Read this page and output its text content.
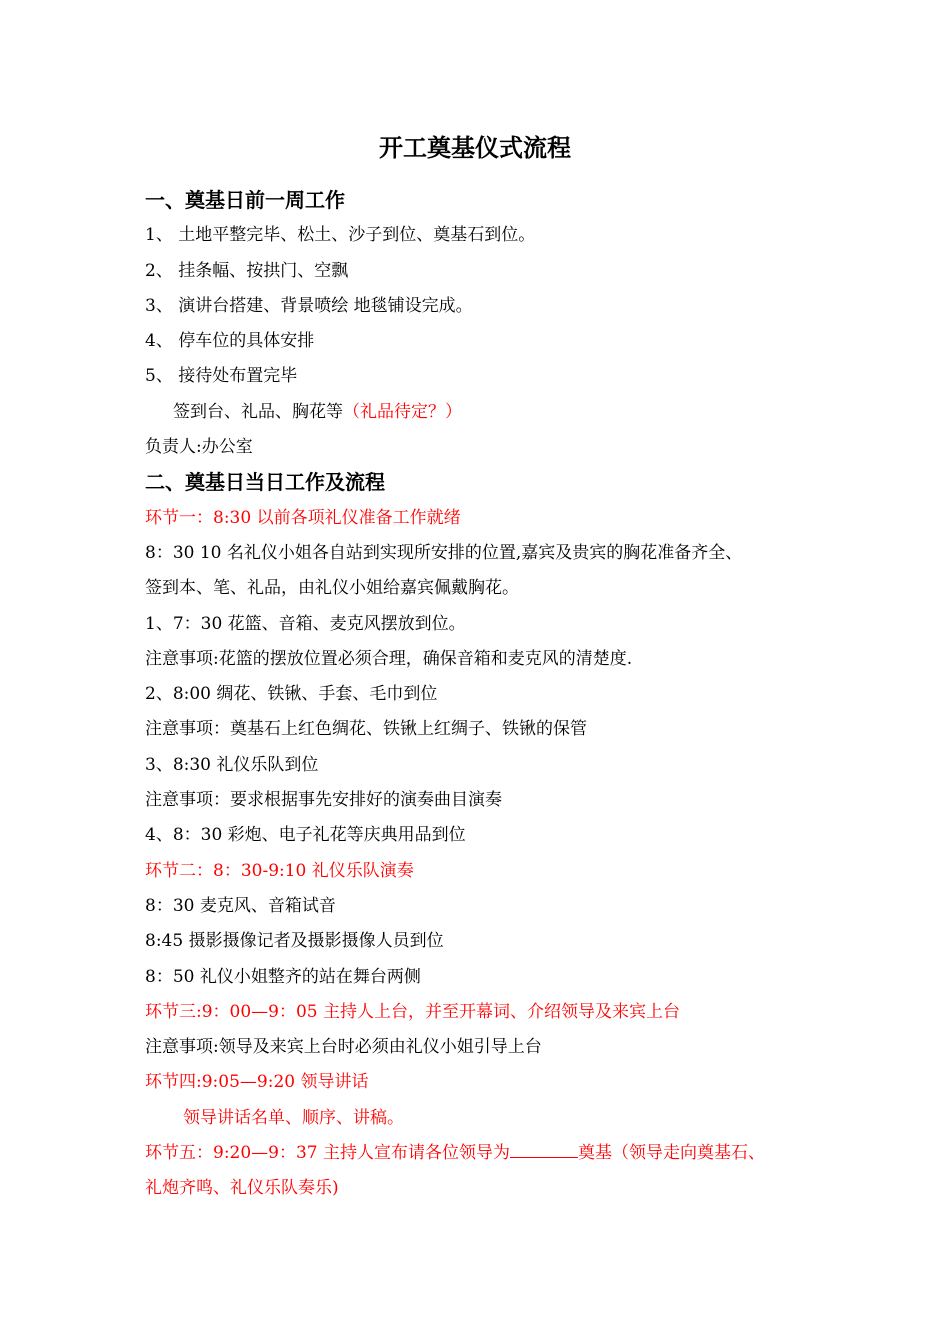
开工奠基仪式流程
一、奠基日前一周工作
1、 土地平整完毕、松土、沙子到位、奠基石到位。
2、 挂条幅、按拱门、空飘
3、 演讲台搭建、背景喷绘 地毯铺设完成。
4、 停车位的具体安排
5、 接待处布置完毕
签到台、礼品、胸花等（礼品待定？）
负责人:办公室
二、奠基日当日工作及流程
环节一：8:30 以前各项礼仪准备工作就绪
8：30 10 名礼仪小姐各自站到实现所安排的位置,嘉宾及贵宾的胸花准备齐全、
签到本、笔、礼品，由礼仪小姐给嘉宾佩戴胸花。
1、7：30 花篮、音箱、麦克风摆放到位。
注意事项:花篮的摆放位置必须合理，确保音箱和麦克风的清楚度.
2、8:00 绸花、铁锹、手套、毛巾到位
注意事项：奠基石上红色绸花、铁锹上红绸子、铁锹的保管
3、8:30 礼仪乐队到位
注意事项：要求根据事先安排好的演奏曲目演奏
4、8：30 彩炮、电子礼花等庆典用品到位
环节二：8：30-9:10 礼仪乐队演奏
8：30 麦克风、音箱试音
8:45 摄影摄像记者及摄影摄像人员到位
8：50 礼仪小姐整齐的站在舞台两侧
环节三:9：00—9：05 主持人上台，并至开幕词、介绍领导及来宾上台
注意事项:领导及来宾上台时必须由礼仪小姐引导上台
环节四:9:05—9:20 领导讲话
领导讲话名单、顺序、讲稿。
环节五：9:20—9：37 主持人宣布请各位领导为	奠基（领导走向奠基石、
礼炮齐鸣、礼仪乐队奏乐)
